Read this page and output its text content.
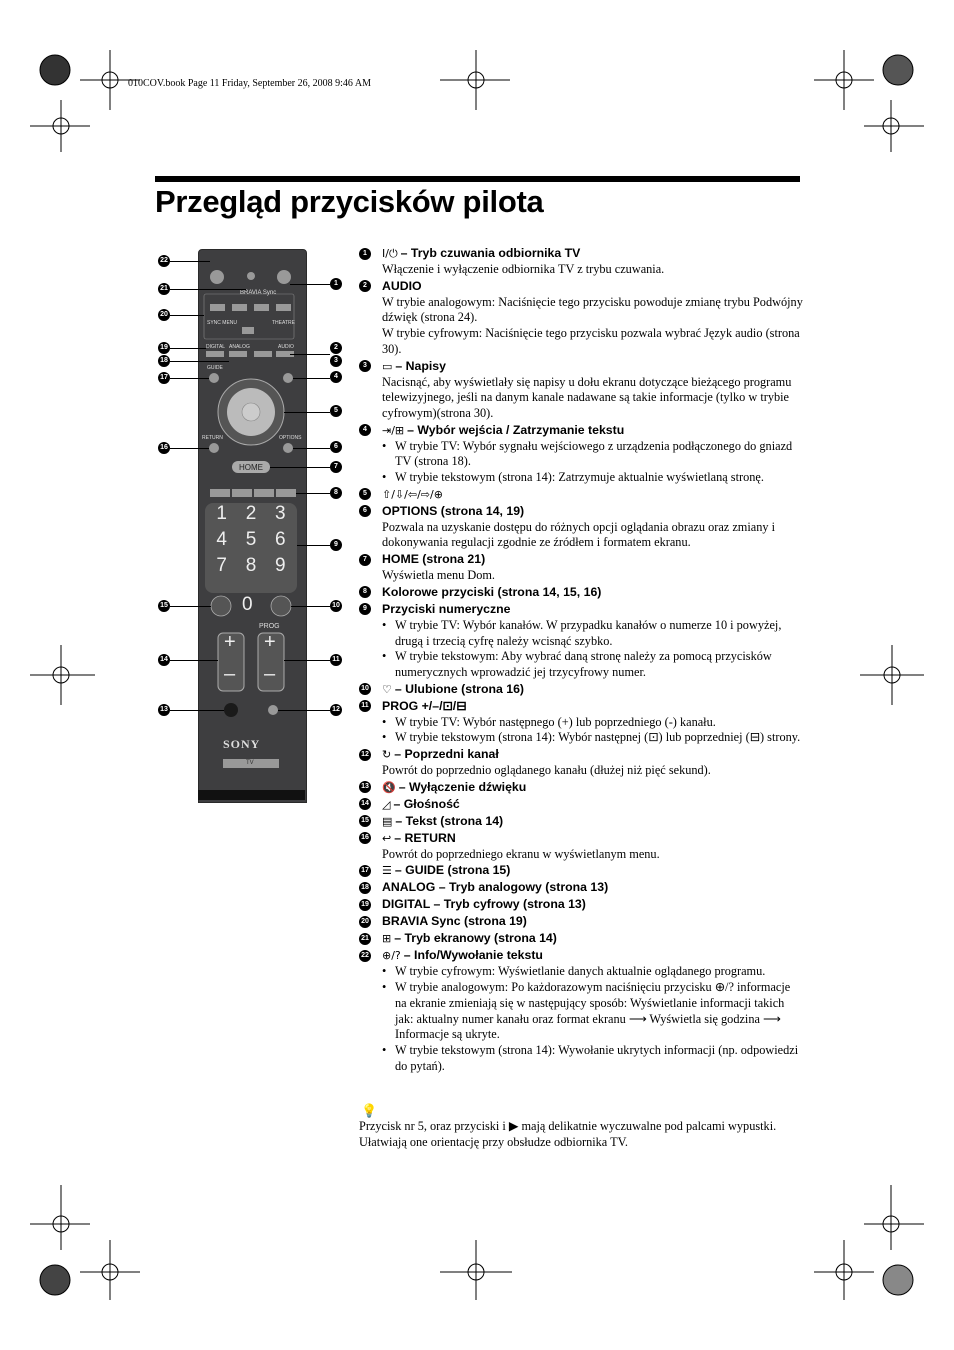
010COV.book Page 11 Friday, September 26, 2008 9:46 AM
Przegląd przycisków pilota
BRAVIA Sync
SYNC MENU	THEATRE
DIGITAL ANALOG	AUDIO
GUIDE
RETURN	OPTIONS
HOME
PROG
SONY
TV
1 2 3
4 5 6
7 8 9
0
+
–
+
–
1
2
3
4
5
6
7
8
9
10
11
12
22
21
20
19
18
17
16
15
14
13
1	I/⏻ – Tryb czuwania odbiornika TV
Włączenie i wyłączenie odbiornika TV z trybu czuwania.
2	AUDIO
W trybie analogowym: Naciśnięcie tego przycisku powoduje zmianę trybu Podwójny dźwięk (strona 24).
W trybie cyfrowym: Naciśnięcie tego przycisku pozwala wybrać Język audio (strona 30).
3	▭ – Napisy
Nacisnąć, aby wyświetlały się napisy u dołu ekranu dotyczące bieżącego programu telewizyjnego, jeśli na danym kanale nadawane są takie informacje (tylko w trybie cyfrowym)(strona 30).
4	⇥/⊞ – Wybór wejścia / Zatrzymanie tekstu
• W trybie TV: Wybór sygnału wejściowego z urządzenia podłączonego do gniazd TV (strona 18).
• W trybie tekstowym (strona 14): Zatrzymuje aktualnie wyświetlaną stronę.
5	⇧/⇩/⇦/⇨/⊕
6	OPTIONS (strona 14, 19)
Pozwala na uzyskanie dostępu do różnych opcji oglądania obrazu oraz zmiany i dokonywania regulacji zgodnie ze źródłem i formatem ekranu.
7	HOME (strona 21)
Wyświetla menu Dom.
8	Kolorowe przyciski (strona 14, 15, 16)
9	Przyciski numeryczne
• W trybie TV: Wybór kanałów. W przypadku kanałów o numerze 10 i powyżej, drugą i trzecią cyfrę należy wcisnąć szybko.
• W trybie tekstowym: Aby wybrać daną stronę należy za pomocą przycisków numerycznych wprowadzić jej trzycyfrowy numer.
10 ♡ – Ulubione (strona 16)
11 PROG +/–/⊡/⊟
• W trybie TV: Wybór następnego (+) lub poprzedniego (-) kanału.
• W trybie tekstowym (strona 14): Wybór następnej (⊡) lub poprzedniej (⊟) strony.
12 ↻ – Poprzedni kanał
Powrót do poprzednio oglądanego kanału (dłużej niż pięć sekund).
13 🔇 – Wyłączenie dźwięku
14 ◿ – Głośność
15 ▤ – Tekst (strona 14)
16 ↩ – RETURN
Powrót do poprzedniego ekranu w wyświetlanym menu.
17 ☰ – GUIDE (strona 15)
18 ANALOG – Tryb analogowy (strona 13)
19 DIGITAL – Tryb cyfrowy (strona 13)
20 BRAVIA Sync (strona 19)
21 ⊞ – Tryb ekranowy (strona 14)
22 ⊕/? – Info/Wywołanie tekstu
• W trybie cyfrowym: Wyświetlanie danych aktualnie oglądanego programu.
• W trybie analogowym: Po każdorazowym naciśnięciu przycisku ⊕/? informacje na ekranie zmieniają się w następujący sposób: Wyświetlanie informacji takich jak: aktualny numer kanału oraz format ekranu ⟶ Wyświetla się godzina ⟶ Informacje są ukryte.
• W trybie tekstowym (strona 14): Wywołanie ukrytych informacji (np. odpowiedzi do pytań).
💡
Przycisk nr 5, oraz przyciski i ▶ mają delikatnie wyczuwalne pod palcami wypustki. Ułatwiają one orientację przy obsłudze odbiornika TV.
